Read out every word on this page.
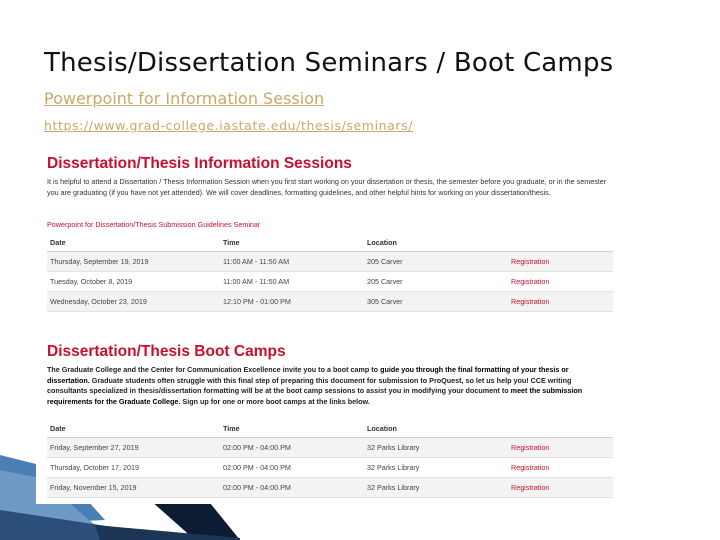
Thesis/Dissertation Seminars / Boot Camps
Powerpoint for Information Session
https://www.grad-college.iastate.edu/thesis/seminars/
Dissertation/Thesis Information Sessions
It is helpful to attend a Dissertation / Thesis Information Session when you first start working on your dissertation or thesis, the semester before you graduate, or in the semester you are graduating (if you have not yet attended). We will cover deadlines, formatting guidelines, and other helpful hints for working on your dissertation/thesis.
Powerpoint for Dissertation/Thesis Submission Guidelines Seminar
Date	Time	Location	
Thursday, September 19, 2019	11:00 AM - 11:50 AM	205 Carver	Registration
Tuesday, October 8, 2019	11:00 AM - 11:50 AM	205 Carver	Registration
Wednesday, October 23, 2019	12:10 PM - 01:00 PM	305 Carver	Registration
Dissertation/Thesis Boot Camps
The Graduate College and the Center for Communication Excellence invite you to a boot camp to guide you through the final formatting of your thesis or dissertation. Graduate students often struggle with this final step of preparing this document for submission to ProQuest, so let us help you! CCE writing consultants specialized in thesis/dissertation formatting will be at the boot camp sessions to assist you in modifying your document to meet the submission requirements for the Graduate College. Sign up for one or more boot camps at the links below.
Date	Time	Location	
Friday, September 27, 2019	02:00 PM - 04:00 PM	32 Parks Library	Registration
Thursday, October 17, 2019	02:00 PM - 04:00 PM	32 Parks Library	Registration
Friday, November 15, 2019	02:00 PM - 04:00 PM	32 Parks Library	Registration
